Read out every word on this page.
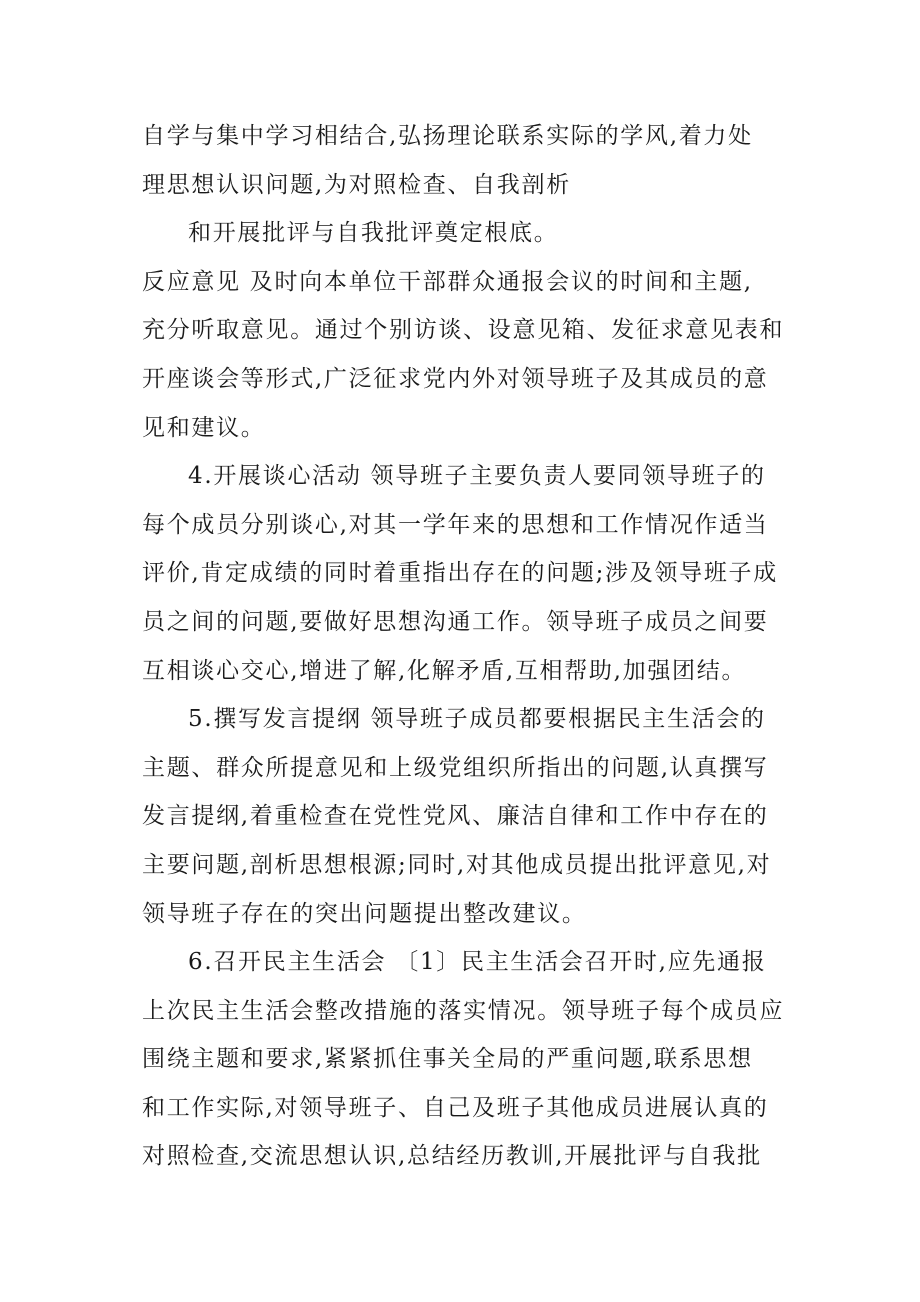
自学与集中学习相结合,弘扬理论联系实际的学风,着力处
理思想认识问题,为对照检查、自我剖析
和开展批评与自我批评奠定根底。
反应意见 及时向本单位干部群众通报会议的时间和主题,
充分听取意见。通过个别访谈、设意见箱、发征求意见表和
开座谈会等形式,广泛征求党内外对领导班子及其成员的意
见和建议。
4.开展谈心活动 领导班子主要负责人要同领导班子的
每个成员分别谈心,对其一学年来的思想和工作情况作适当
评价,肯定成绩的同时着重指出存在的问题;涉及领导班子成
员之间的问题,要做好思想沟通工作。领导班子成员之间要
互相谈心交心,增进了解,化解矛盾,互相帮助,加强团结。
5.撰写发言提纲 领导班子成员都要根据民主生活会的
主题、群众所提意见和上级党组织所指出的问题,认真撰写
发言提纲,着重检查在党性党风、廉洁自律和工作中存在的
主要问题,剖析思想根源;同时,对其他成员提出批评意见,对
领导班子存在的突出问题提出整改建议。
6.召开民主生活会 〔1〕民主生活会召开时,应先通报
上次民主生活会整改措施的落实情况。领导班子每个成员应
围绕主题和要求,紧紧抓住事关全局的严重问题,联系思想
和工作实际,对领导班子、自己及班子其他成员进展认真的
对照检查,交流思想认识,总结经历教训,开展批评与自我批
